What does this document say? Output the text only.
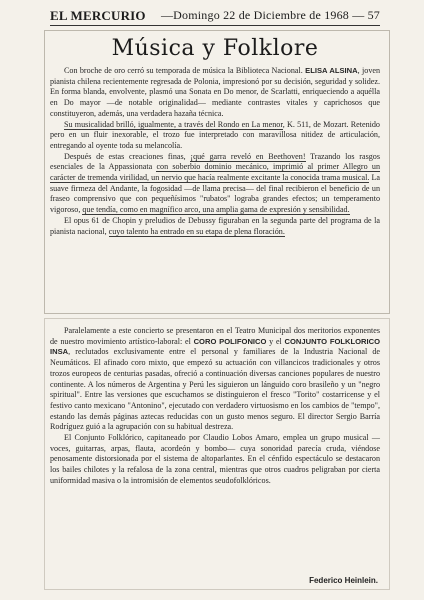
EL MERCURIO —Domingo 22 de Diciembre de 1968 — 57
Música y Folklore

Con broche de oro cerró su temporada de música la Biblioteca Nacional. ELISA ALSINA, joven pianista chilena recientemente regresada de Polonia, impresionó por su decisión, seguridad y solidez. En forma blanda, envolvente, plasmó una Sonata en Do menor, de Scarlatti, enriqueciendo a aquélla en Do mayor —de notable originalidad— mediante contrastes vitales y caprichosos que constituyeron, además, una verdadera hazaña técnica.

Su musicalidad brilló, igualmente, a través del Rondo en La menor, K. 511, de Mozart. Retenido pero en un fluir inexorable, el trozo fue interpretado con maravillosa nitidez de articulación, entregando al oyente toda su melancolía.

Después de estas creaciones finas, ¡qué garra reveló en Beethoven! Trazando los rasgos esenciales de la Appassionata con soberbio dominio mecánico, imprimió al primer Allegro un carácter de tremenda virilidad, un nervio que hacía realmente excitante la conocida trama musical. La suave firmeza del Andante, la fogosidad —de llama precisa— del final recibieron el beneficio de un fraseo comprensivo que con pequeñísimos "rubatos" lograba grandes efectos; un temperamento vigoroso, que tendía, como en magnífico arco, una amplia gama de expresión y sensibilidad.

El opus 61 de Chopin y preludios de Debussy figuraban en la segunda parte del programa de la pianista nacional, cuyo talento ha entrado en su etapa de plena floración.

Paralelamente a este concierto se presentaron en el Teatro Municipal dos meritorios exponentes de nuestro movimiento artístico-laboral: el CORO POLIFONICO y el CONJUNTO FOLKLORICO INSA, reclutados exclusivamente entre el personal y familiares de la Industria Nacional de Neumáticos. El afinado coro mixto, que empezó su actuación con villancicos tradicionales y otros trozos europeos de centurias pasadas, ofreció a continuación diversas canciones populares de nuestro continente. A los números de Argentina y Perú les siguieron un lánguido coro brasileño y un "negro spiritual". Entre las versiones que escuchamos se distinguieron el fresco "Torito" costarricense y el festivo canto mexicano "Antonino", ejecutado con verdadero virtuosismo en los cambios de "tempo", estando las demás páginas aztecas reducidas con un gusto menos seguro. El director Sergio Barría Rodríguez guió a la agrupación con su habitual destreza.

El Conjunto Folklórico, capitaneado por Claudio Lobos Amaro, emplea un grupo musical —voces, guitarras, arpas, flauta, acordeón y bombo— cuya sonoridad parecía cruda, viéndose penosamente distorsionada por el sistema de altoparlantes. En el cénfido espectáculo se destacaron los bailes chilotes y la refalosa de la zona central, mientras que otros cuadros peligraban por cierta uniformidad masiva o la intromisión de elementos seudofolklóricos.

Federico Heinlein.
